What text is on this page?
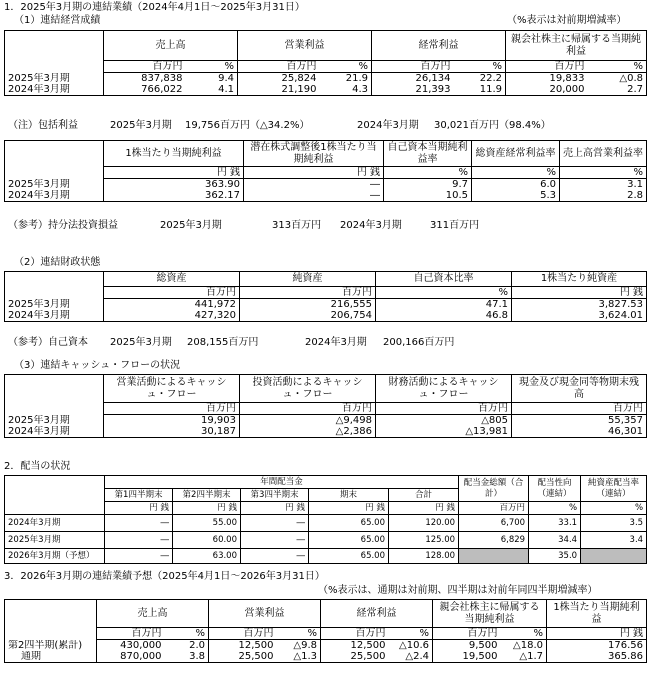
1．2025年3月期の連結業績（2024年4月1日～2025年3月31日）
（1）連結経営成績	（%表示は対前期増減率）
	売上高		営業利益		経常利益		親会社株主に帰属する当期純利益	
	百万円	%	百万円	%	百万円	%	百万円	%
2025年3月期	837,838	9.4	25,824	21.9	26,134	22.2	19,833	△0.8
2024年3月期	766,022	4.1	21,190	4.3	21,393	11.9	20,000	2.7
（注）包括利益	2025年3月期 19,756百万円（△34.2%）	2024年3月期 30,021百万円（98.4%）
	1株当たり当期純利益	潜在株式調整後1株当たり当期純利益	自己資本当期純利益率	総資産経常利益率	売上高営業利益率
	円 銭	円 銭	%	%	%
2025年3月期	363.90	―	9.7	6.0	3.1
2024年3月期	362.17	―	10.5	5.3	2.8
（参考）持分法投資損益	2025年3月期	313百万円 2024年3月期	311百万円
（2）連結財政状態
	総資産	純資産	自己資本比率	1株当たり純資産
	百万円	百万円	%	円 銭
2025年3月期	441,972	216,555	47.1	3,827.53
2024年3月期	427,320	206,754	46.8	3,624.01
（参考）自己資本 2025年3月期 208,155百万円	2024年3月期 200,166百万円
（3）連結キャッシュ・フローの状況
	営業活動によるキャッシュ・フロー	投資活動によるキャッシュ・フロー	財務活動によるキャッシュ・フロー	現金及び現金同等物期末残高
	百万円	百万円	百万円	百万円
2025年3月期	19,903	△9,498	△805	55,357
2024年3月期	30,187	△2,386	△13,981	46,301
2．配当の状況
	年間配当金					配当金総額（合計）	配当性向（連結）	純資産配当率（連結）
	第1四半期末	第2四半期末	第3四半期末	期末	合計			
	円 銭	円 銭	円 銭	円 銭	円 銭	百万円	%	%
2024年3月期	―	55.00	―	65.00	120.00	6,700	33.1	3.5
2025年3月期	―	60.00	―	65.00	125.00	6,829	34.4	3.4
2026年3月期（予想）	―	63.00	―	65.00	128.00		35.0	
3．2026年3月期の連結業績予想（2025年4月1日～2026年3月31日）
（%表示は、通期は対前期、四半期は対前年同四半期増減率）
	売上高		営業利益		経常利益		親会社株主に帰属する当期純利益		1株当たり当期純利益
	百万円	%	百万円	%	百万円	%	百万円	%	円 銭
第2四半期(累計)	430,000	2.0	12,500	△9.8	12,500	△10.6	9,500	△18.0	176.56
通期	870,000	3.8	25,500	△1.3	25,500	△2.4	19,500	△1.7	365.86
